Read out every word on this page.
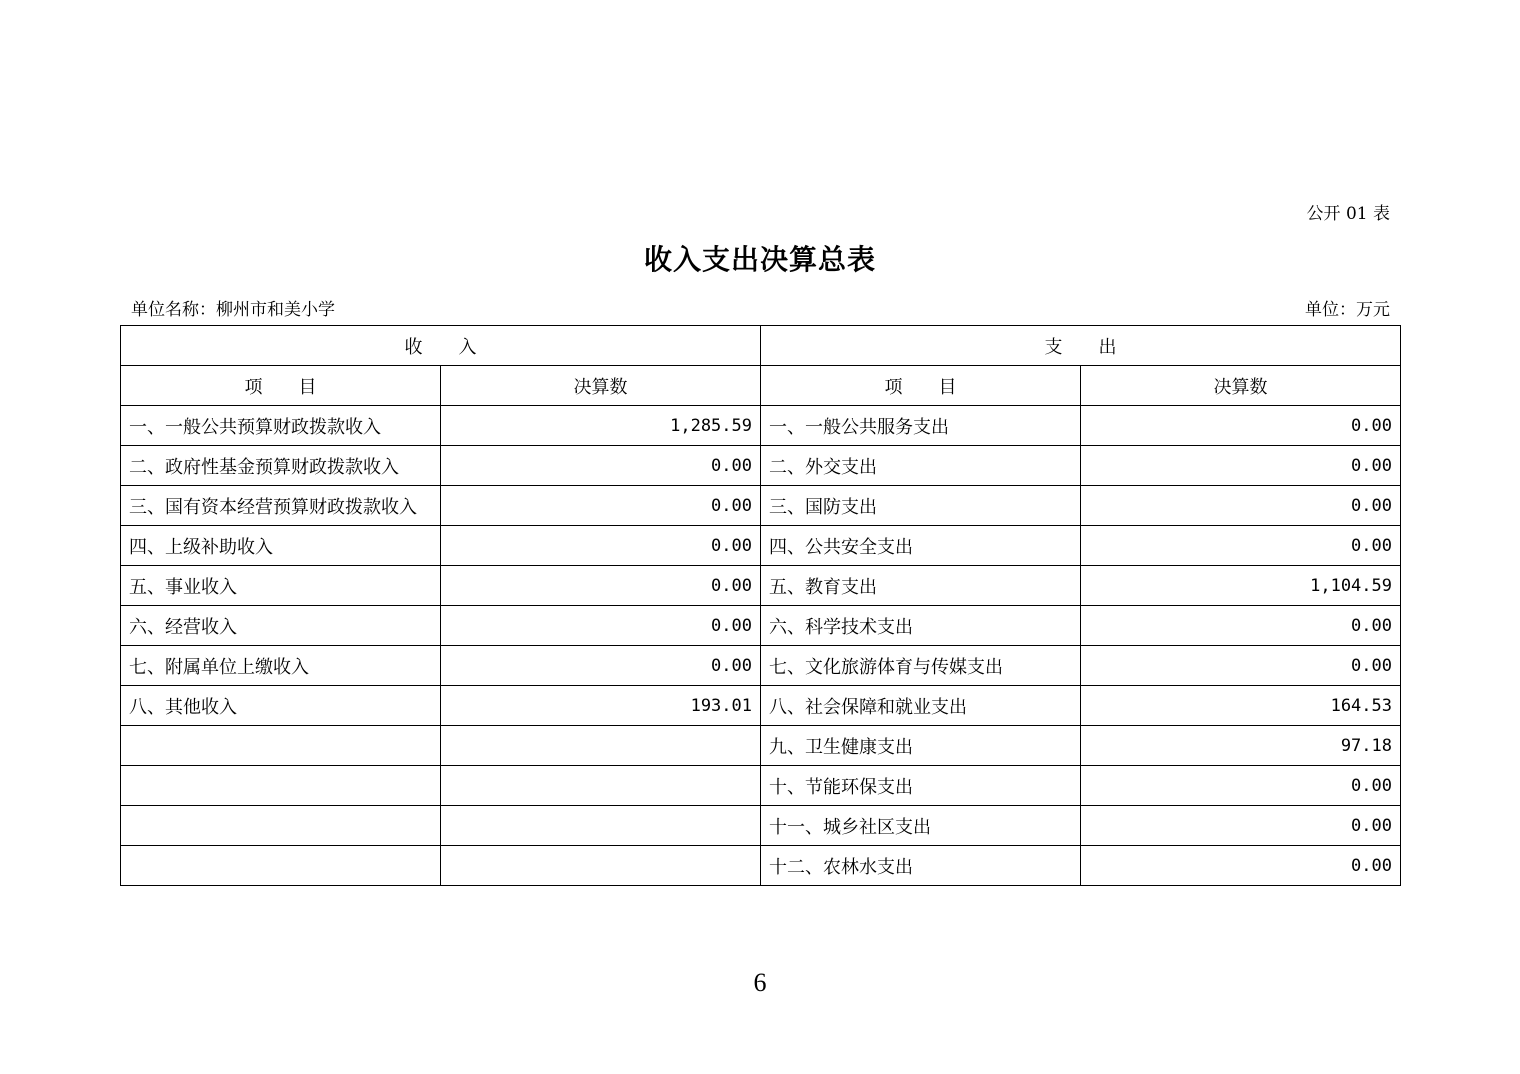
公开 01 表
收入支出决算总表
单位名称：柳州市和美小学	单位：万元
收　　入		支　　出	
项　　目	决算数	项　　目	决算数
一、一般公共预算财政拨款收入	1,285.59	一、一般公共服务支出	0.00
二、政府性基金预算财政拨款收入	0.00	二、外交支出	0.00
三、国有资本经营预算财政拨款收入	0.00	三、国防支出	0.00
四、上级补助收入	0.00	四、公共安全支出	0.00
五、事业收入	0.00	五、教育支出	1,104.59
六、经营收入	0.00	六、科学技术支出	0.00
七、附属单位上缴收入	0.00	七、文化旅游体育与传媒支出	0.00
八、其他收入	193.01	八、社会保障和就业支出	164.53
		九、卫生健康支出	97.18
		十、节能环保支出	0.00
		十一、城乡社区支出	0.00
		十二、农林水支出	0.00
6
